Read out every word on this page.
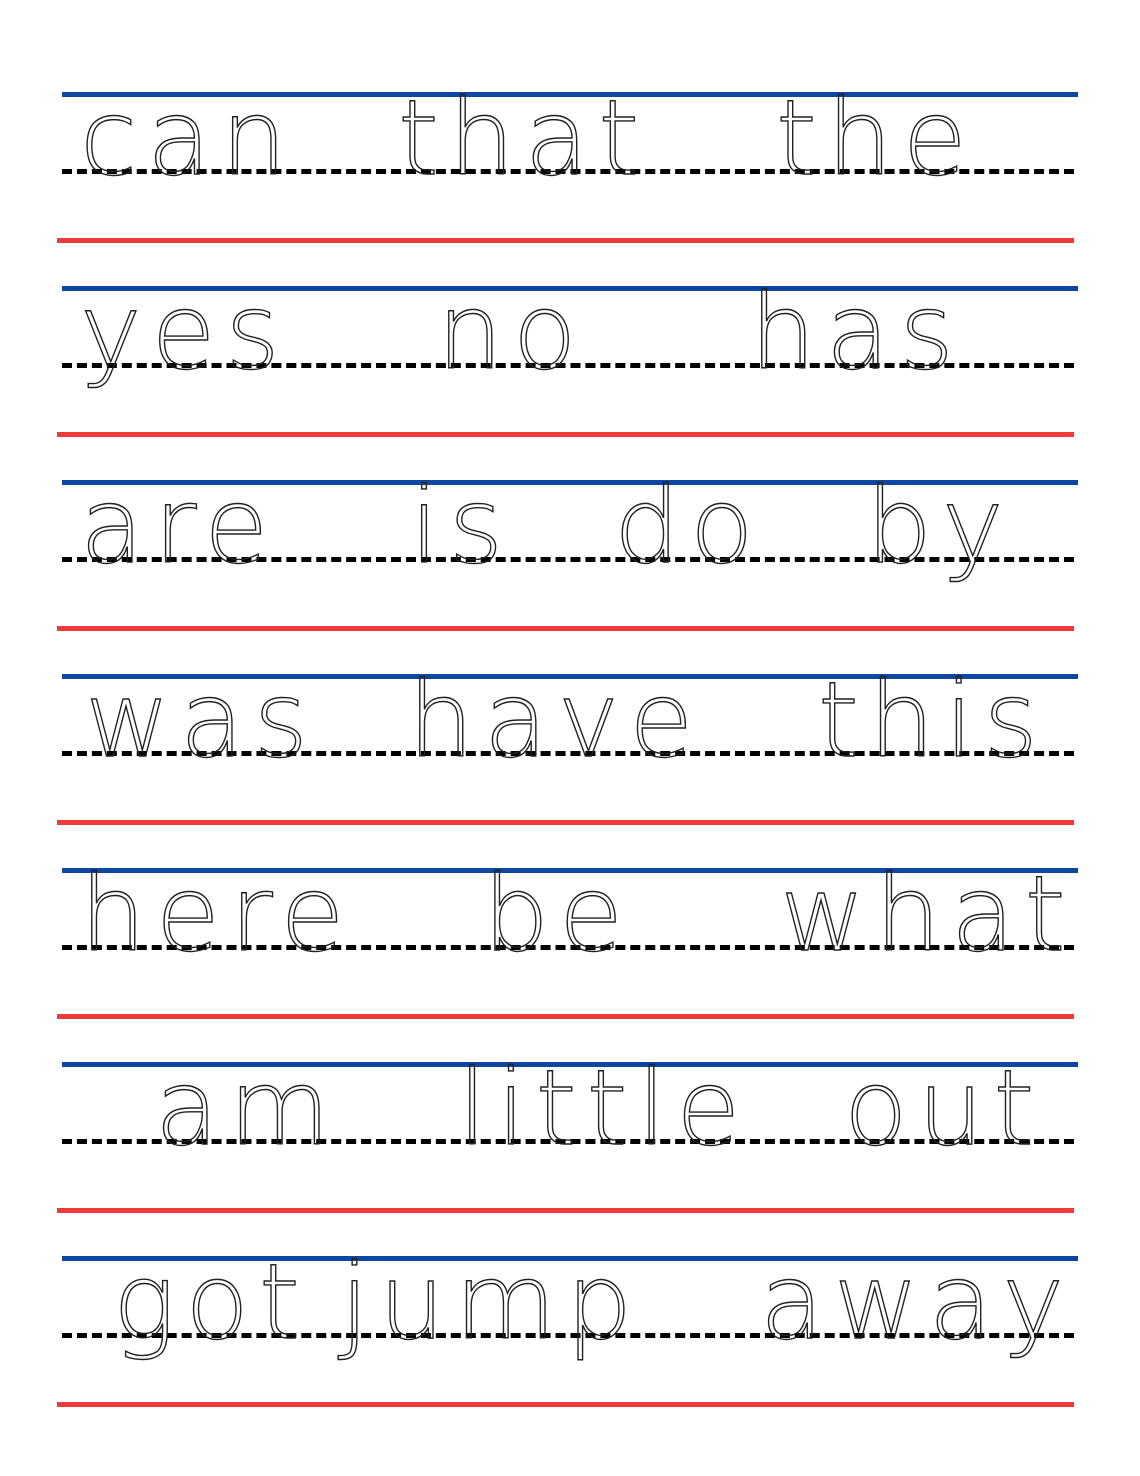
can that the
yes no has
are is do by
was have this
here be what
am little out
got jump away
